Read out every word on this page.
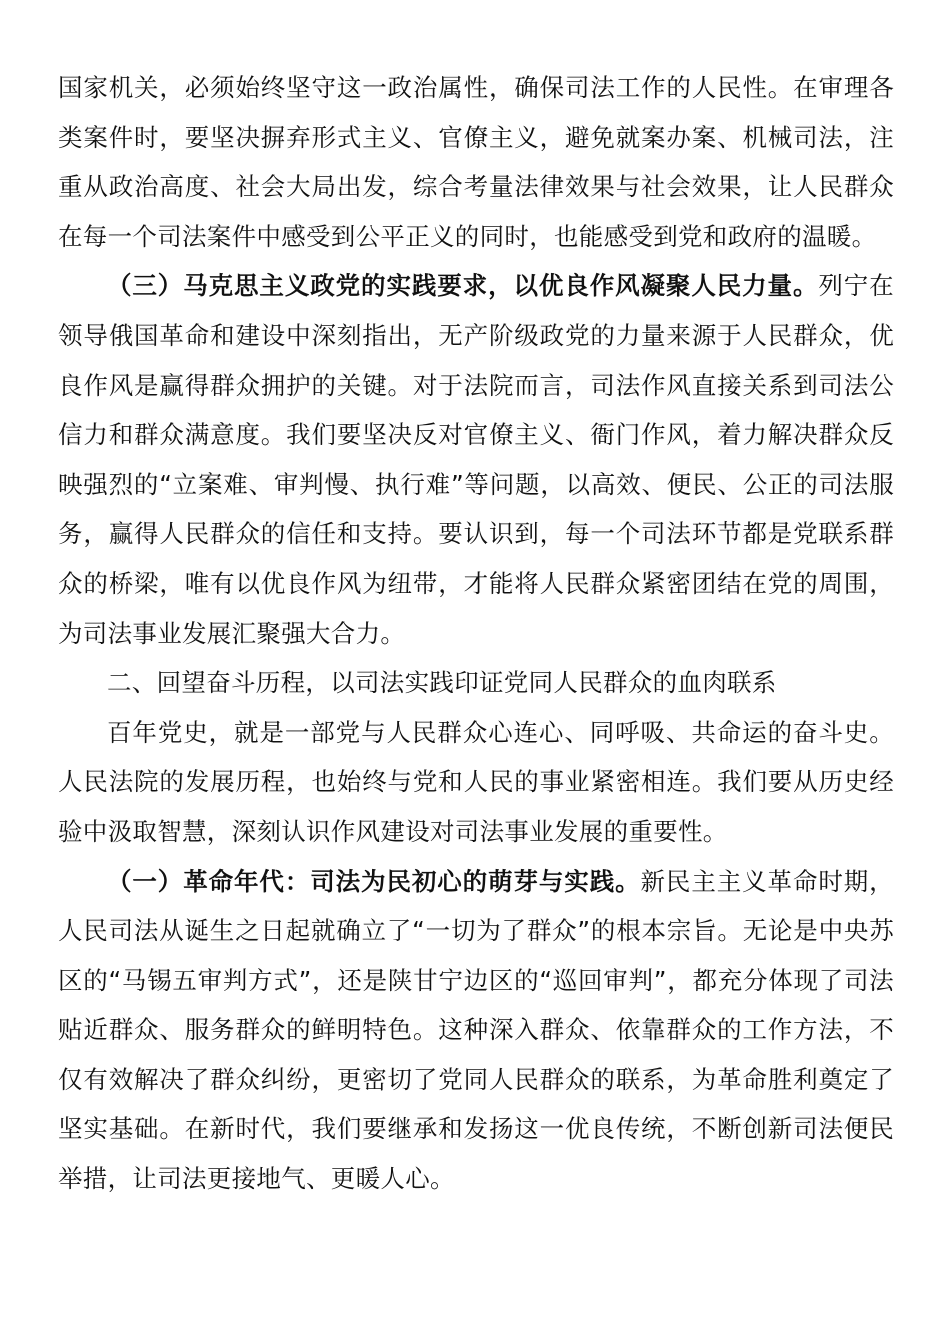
国家机关，必须始终坚守这一政治属性，确保司法工作的人民性。在审理各类案件时，要坚决摒弃形式主义、官僚主义，避免就案办案、机械司法，注重从政治高度、社会大局出发，综合考量法律效果与社会效果，让人民群众在每一个司法案件中感受到公平正义的同时，也能感受到党和政府的温暖。

（三）马克思主义政党的实践要求，以优良作风凝聚人民力量。列宁在领导俄国革命和建设中深刻指出，无产阶级政党的力量来源于人民群众，优良作风是赢得群众拥护的关键。对于法院而言，司法作风直接关系到司法公信力和群众满意度。我们要坚决反对官僚主义、衙门作风，着力解决群众反映强烈的“立案难、审判慢、执行难”等问题，以高效、便民、公正的司法服务，赢得人民群众的信任和支持。要认识到，每一个司法环节都是党联系群众的桥梁，唯有以优良作风为纽带，才能将人民群众紧密团结在党的周围，为司法事业发展汇聚强大合力。

二、回望奋斗历程，以司法实践印证党同人民群众的血肉联系

百年党史，就是一部党与人民群众心连心、同呼吸、共命运的奋斗史。人民法院的发展历程，也始终与党和人民的事业紧密相连。我们要从历史经验中汲取智慧，深刻认识作风建设对司法事业发展的重要性。

（一）革命年代：司法为民初心的萌芽与实践。新民主主义革命时期，人民司法从诞生之日起就确立了“一切为了群众”的根本宗旨。无论是中央苏区的“马锡五审判方式”，还是陕甘宁边区的“巡回审判”，都充分体现了司法贴近群众、服务群众的鲜明特色。这种深入群众、依靠群众的工作方法，不仅有效解决了群众纠纷，更密切了党同人民群众的联系，为革命胜利奠定了坚实基础。在新时代，我们要继承和发扬这一优良传统，不断创新司法便民举措，让司法更接地气、更暖人心。
